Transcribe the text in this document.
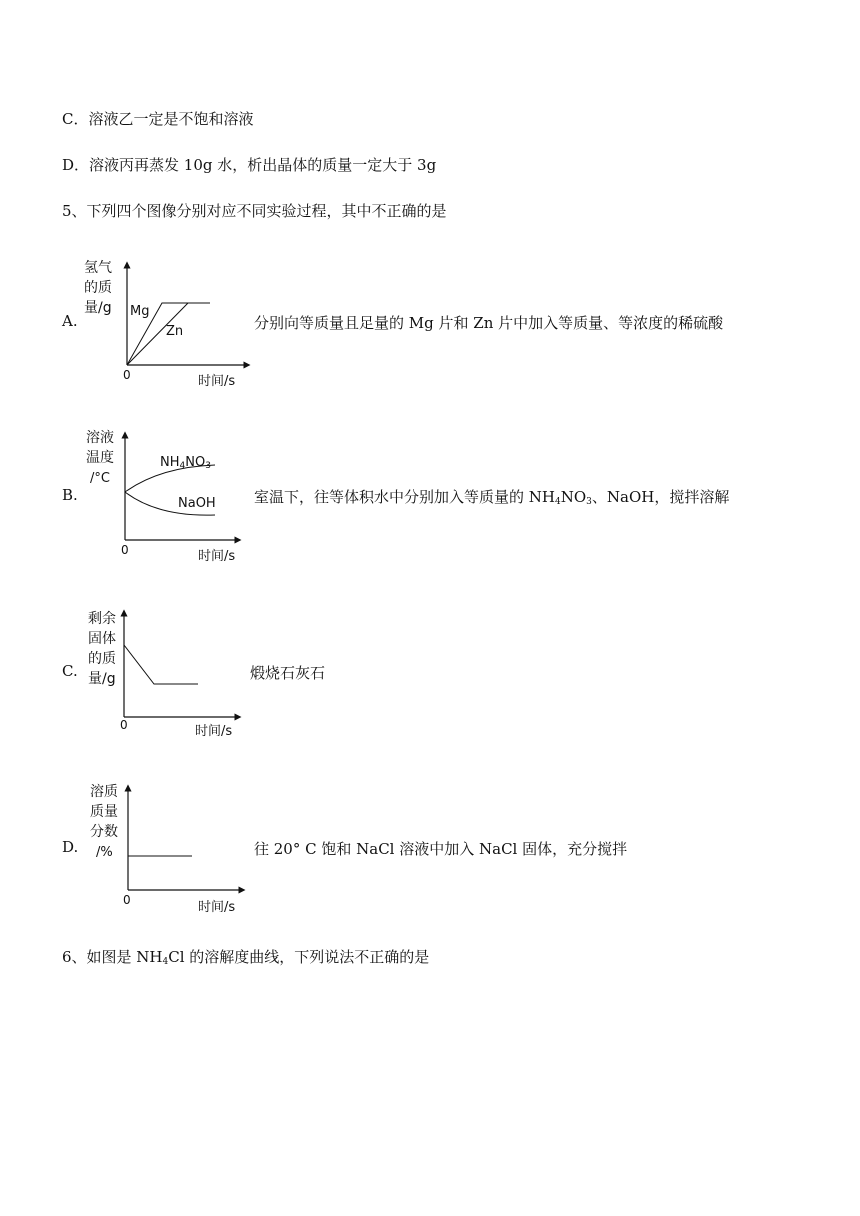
C．溶液乙一定是不饱和溶液
D．溶液丙再蒸发 10g 水，析出晶体的质量一定大于 3g
5、下列四个图像分别对应不同实验过程，其中不正确的是
A.
氢气
的质
量/g Mg
Zn
0	时间/s
分别向等质量且足量的 Mg 片和 Zn 片中加入等质量、等浓度的稀硫酸
B.
溶液
温度
/°C
NH4NO3
NaOH
0	时间/s
室温下，往等体积水中分别加入等质量的 $NH_4NO_3$、NaOH，搅拌溶解
C.
剩余
固体
的质
量/g
0	时间/s
煅烧石灰石
D.
溶质
质量
分数
/%
0	时间/s
往 20° C 饱和 NaCl 溶液中加入 NaCl 固体，充分搅拌
6、如图是 $NH_4Cl$ 的溶解度曲线，下列说法不正确的是
